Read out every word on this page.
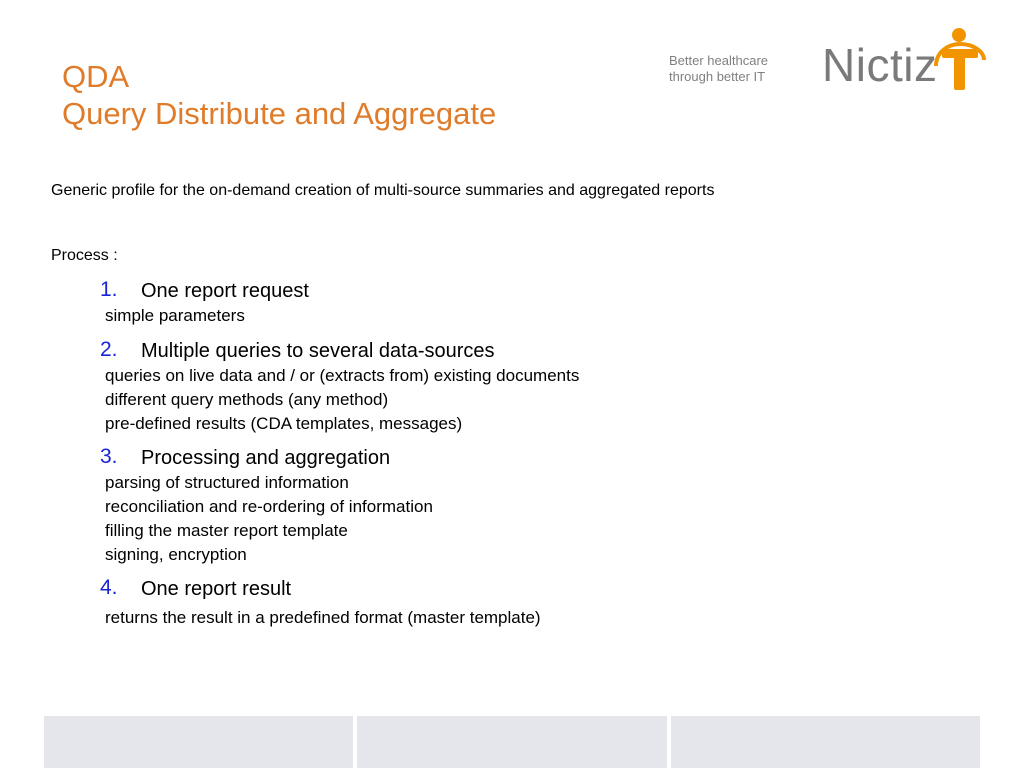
QDA
Query Distribute and Aggregate
Better healthcare
through better IT Nictiz
Generic profile for the on-demand creation of multi-source summaries and aggregated reports
Process :
1. One report request
simple parameters
2. Multiple queries to several data-sources
queries on live data and / or (extracts from) existing documents
different query methods (any method)
pre-defined results (CDA templates, messages)
3. Processing and aggregation
parsing of structured information
reconciliation and re-ordering of information
filling the master report template
signing, encryption
4. One report result
returns the result in a predefined format (master template)
